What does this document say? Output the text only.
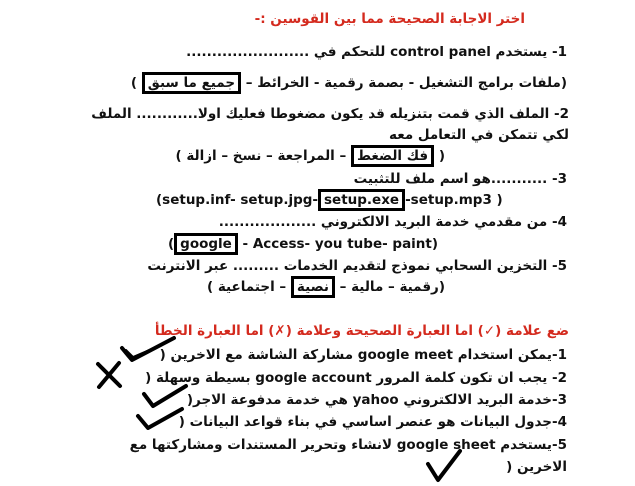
اختر الاجابة الصحيحة مما بين القوسين :-
1- يستخدم control panel للتحكم في ........................
(ملفات برامج التشغيل - بصمة رقمية - الخرائط – جميع ما سبق )
2- الملف الذي قمت بتنزيله قد يكون مضغوطا فعليك اولا............ الملف
لكي تتمكن في التعامل معه
( فك الضغط – المراجعة – نسخ – ازالة )
3- ...........هو اسم ملف للتثبيت
(setup.inf- setup.jpg- setup.exe -setup.mp3 )
4- من مقدمي خدمة البريد الالكتروني ...................
( google - Access- you tube- paint)
5- التخزين السحابي نموذج لتقديم الخدمات ......... عبر الانترنت
(رقمية – مالية – نصية – اجتماعية )
ضع علامة (✓) اما العبارة الصحيحة وعلامة (✗) اما العبارة الخطأ
1-يمكن استخدام google meet مشاركة الشاشة مع الاخرين (
2- يجب ان تكون كلمة المرور google account بسيطة وسهلة (
3-خدمة البريد الالكتروني yahoo هي خدمة مدفوعة الاجر(
4-جدول البيانات هو عنصر اساسي في بناء قواعد البيانات (
5-يستخدم google sheet لانشاء وتحرير المستندات ومشاركتها مع
الاخرين (
